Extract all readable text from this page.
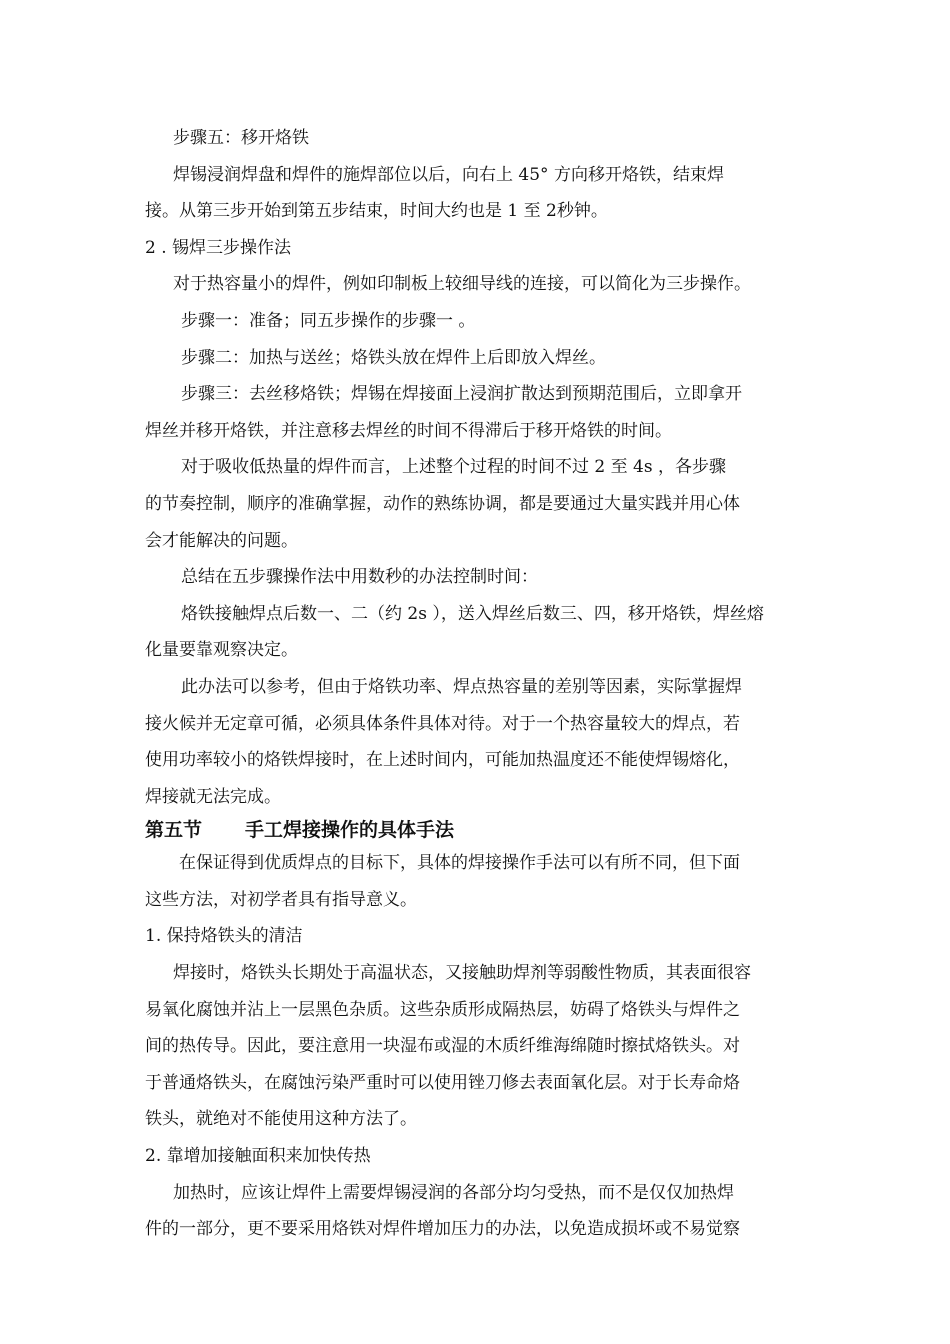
步骤五：移开烙铁

焊锡浸润焊盘和焊件的施焊部位以后，向右上 45° 方向移开烙铁，结束焊

接。从第三步开始到第五步结束，时间大约也是 1 至 2秒钟。

2 . 锡焊三步操作法

对于热容量小的焊件，例如印制板上较细导线的连接，可以简化为三步操作。

步骤一：准备；同五步操作的步骤一 。

步骤二：加热与送丝；烙铁头放在焊件上后即放入焊丝。

步骤三：去丝移烙铁；焊锡在焊接面上浸润扩散达到预期范围后，立即拿开

焊丝并移开烙铁，并注意移去焊丝的时间不得滞后于移开烙铁的时间。

对于吸收低热量的焊件而言，上述整个过程的时间不过 2 至 4s ，各步骤

的节奏控制，顺序的准确掌握，动作的熟练协调，都是要通过大量实践并用心体

会才能解决的问题。

总结在五步骤操作法中用数秒的办法控制时间：

烙铁接触焊点后数一、二（约 2s ），送入焊丝后数三、四，移开烙铁，焊丝熔

化量要靠观察决定。

此办法可以参考，但由于烙铁功率、焊点热容量的差别等因素，实际掌握焊

接火候并无定章可循，必须具体条件具体对待。对于一个热容量较大的焊点，若

使用功率较小的烙铁焊接时，在上述时间内，可能加热温度还不能使焊锡熔化，

焊接就无法完成。

第五节 手工焊接操作的具体手法

在保证得到优质焊点的目标下，具体的焊接操作手法可以有所不同，但下面

这些方法，对初学者具有指导意义。

1. 保持烙铁头的清洁

焊接时，烙铁头长期处于高温状态，又接触助焊剂等弱酸性物质，其表面很容

易氧化腐蚀并沾上一层黑色杂质。这些杂质形成隔热层，妨碍了烙铁头与焊件之

间的热传导。因此，要注意用一块湿布或湿的木质纤维海绵随时擦拭烙铁头。对

于普通烙铁头，在腐蚀污染严重时可以使用锉刀修去表面氧化层。对于长寿命烙

铁头，就绝对不能使用这种方法了。

2. 靠增加接触面积来加快传热

加热时，应该让焊件上需要焊锡浸润的各部分均匀受热，而不是仅仅加热焊

件的一部分，更不要采用烙铁对焊件增加压力的办法，以免造成损坏或不易觉察
